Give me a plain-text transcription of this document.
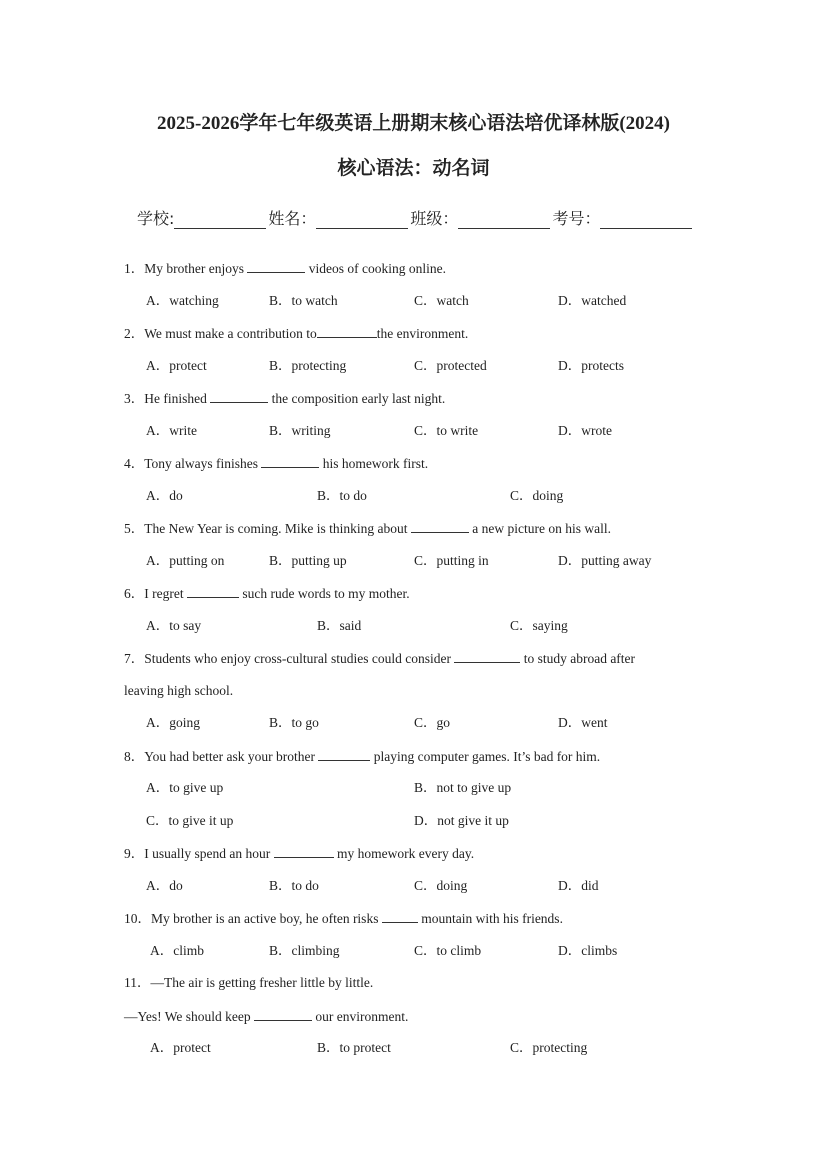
2025-2026学年七年级英语上册期末核心语法培优译林版(2024)
核心语法：动名词
学校:	姓名：	班级：	考号：
1．My brother enjoys	videos of cooking online.
A．watching	B．to watch	C．watch	D．watched
2．We must make a contribution to	the environment.
A．protect	B．protecting	C．protected	D．protects
3．He finished	the composition early last night.
A．write	B．writing	C．to write	D．wrote
4．Tony always finishes	his homework first.
A．do	B．to do	C．doing
5．The New Year is coming. Mike is thinking about	a new picture on his wall.
A．putting on	B．putting up	C．putting in	D．putting away
6．I regret	such rude words to my mother.
A．to say	B．said	C．saying
7．Students who enjoy cross-cultural studies could consider	to study abroad after
leaving high school.
A．going	B．to go	C．go	D．went
8．You had better ask your brother	playing computer games. It’s bad for him.
A．to give up	B．not to give up
C．to give it up	D．not give it up
9．I usually spend an hour	my homework every day.
A．do	B．to do	C．doing	D．did
10．My brother is an active boy, he often risks	mountain with his friends.
A．climb	B．climbing	C．to climb	D．climbs
11．—The air is getting fresher little by little.
—Yes! We should keep	our environment.
A．protect	B．to protect	C．protecting
